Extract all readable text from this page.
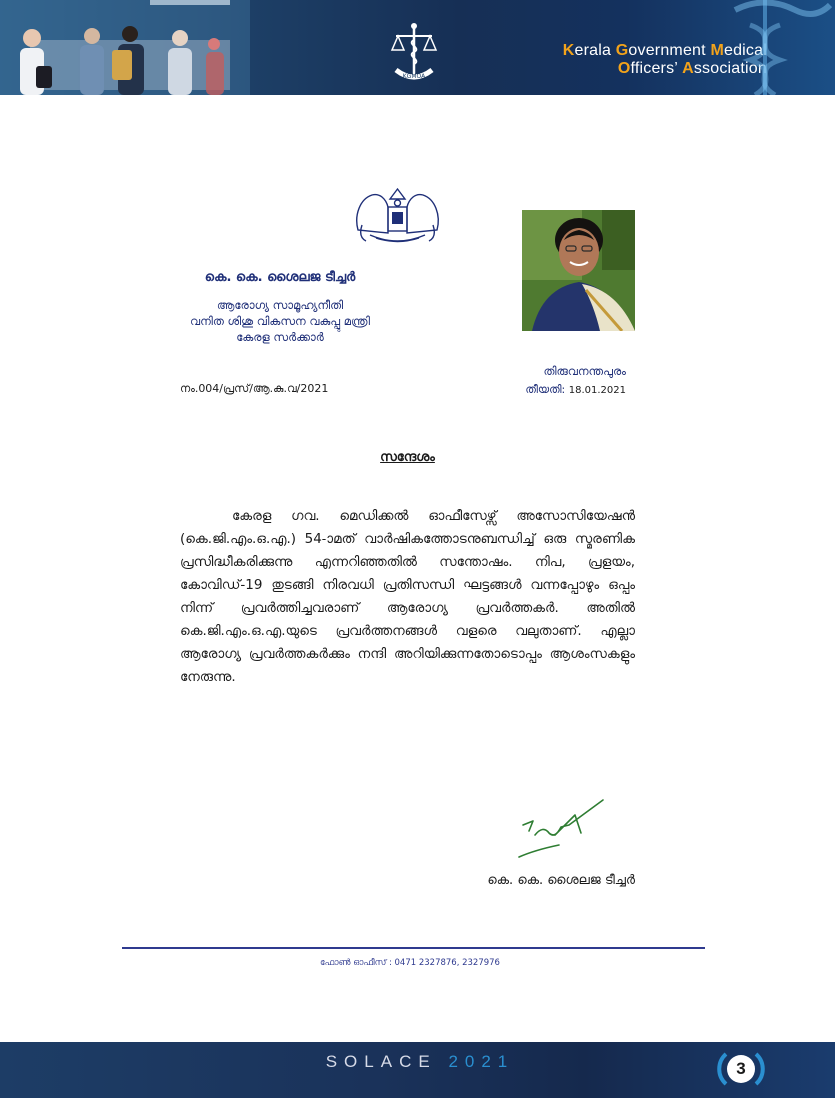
KGMOA
Kerala Government Medical
Officers’ Association
കെ. കെ. ശൈലജ ടീച്ചർ
ആരോഗ്യ സാമൂഹ്യനീതി
വനിത ശിശു വികസന വകുപ്പു മന്ത്രി
കേരള സർക്കാർ
തിരുവനന്തപുരം
നം.004/പ്രസ്/ആ.കു.വ/2021	തീയതി: 18.01.2021
സന്ദേശം
കേരള ഗവ. മെഡിക്കൽ ഓഫീസേഴ്സ് അസോസിയേഷൻ (കെ.ജി.എം.ഒ.എ.) 54-ാമത് വാർഷികത്തോടനുബന്ധിച്ച് ഒരു സ്മരണിക പ്രസിദ്ധീകരിക്കുന്നു എന്നറിഞ്ഞതിൽ സന്തോഷം. നിപ, പ്രളയം, കോവിഡ്-19 തുടങ്ങി നിരവധി പ്രതിസന്ധി ഘട്ടങ്ങൾ വന്നപ്പോഴും ഒപ്പം നിന്ന് പ്രവർത്തിച്ചവരാണ് ആരോഗ്യ പ്രവർത്തകർ. അതിൽ കെ.ജി.എം.ഒ.എ.യുടെ പ്രവർത്തനങ്ങൾ വളരെ വലുതാണ്. എല്ലാ ആരോഗ്യ പ്രവർത്തകർക്കും നന്ദി അറിയിക്കുന്നതോടൊപ്പം ആശംസകളും നേരുന്നു.
കെ. കെ. ശൈലജ ടീച്ചർ
ഫോൺ ഓഫീസ് : 0471 2327876, 2327976
SOLACE 2021	3
